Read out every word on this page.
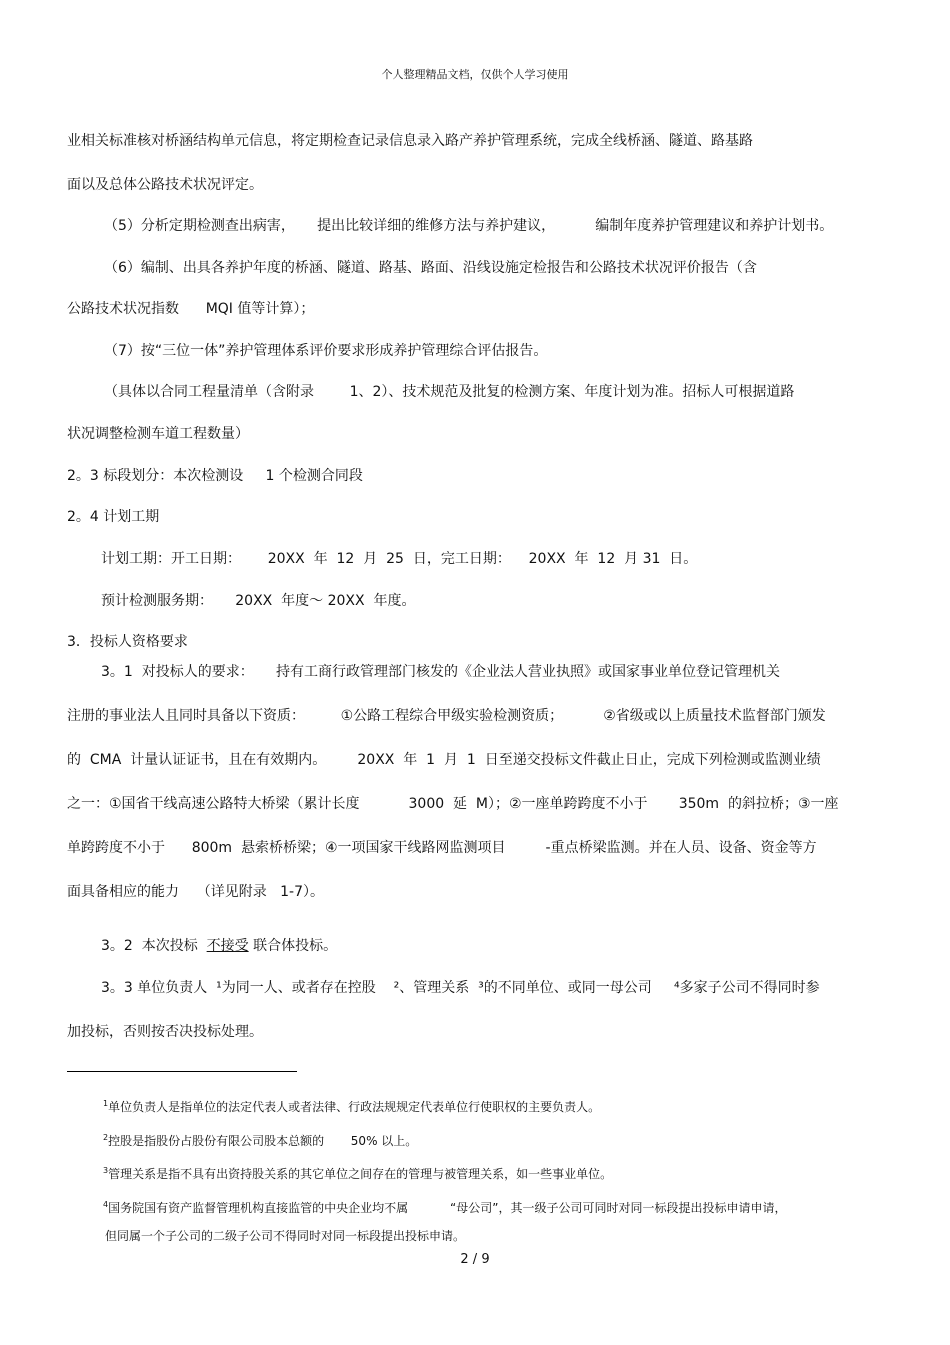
个人整理精品文档，仅供个人学习使用

业相关标准核对桥涵结构单元信息，将定期检查记录信息录入路产养护管理系统，完成全线桥涵、隧道、路基路

面以及总体公路技术状况评定。

（5）分析定期检测查出病害，     提出比较详细的维修方法与养护建议，         编制年度养护管理建议和养护计划书。

（6）编制、出具各养护年度的桥涵、隧道、路基、路面、沿线设施定检报告和公路技术状况评价报告（含

公路技术状况指数      MQI 值等计算）；

（7）按“三位一体”养护管理体系评价要求形成养护管理综合评估报告。

（具体以合同工程量清单（含附录        1、2）、技术规范及批复的检测方案、年度计划为准。招标人可根据道路

状况调整检测车道工程数量）

2。3 标段划分：本次检测设     1 个检测合同段

2。4 计划工期

计划工期：开工日期：      20XX  年  12  月  25  日，完工日期：    20XX  年  12  月 31  日。

预计检测服务期：     20XX  年度～ 20XX  年度。

3．投标人资格要求

3。1  对投标人的要求：     持有工商行政管理部门核发的《企业法人营业执照》或国家事业单位登记管理机关

注册的事业法人且同时具备以下资质：        ①公路工程综合甲级实验检测资质；         ②省级或以上质量技术监督部门颁发

的  CMA  计量认证证书，且在有效期内。       20XX  年  1  月  1  日至递交投标文件截止日止，完成下列检测或监测业绩

之一：①国省干线高速公路特大桥梁（累计长度           3000  延  M）；②一座单跨跨度不小于       350m  的斜拉桥；③一座

单跨跨度不小于      800m  悬索桥桥梁；④一项国家干线路网监测项目         -重点桥梁监测。并在人员、设备、资金等方

面具备相应的能力    （详见附录   1-7）。

3。2  本次投标  不接受 联合体投标。

3。3 单位负责人  ¹为同一人、或者存在控股    ²、管理关系  ³的不同单位、或同一母公司     ⁴多家子公司不得同时参

加投标，否则按否决投标处理。

$^1$单位负责人是指单位的法定代表人或者法律、行政法规规定代表单位行使职权的主要负责人。

$^2$控股是指股份占股份有限公司股本总额的       50% 以上。

$^3$管理关系是指不具有出资持股关系的其它单位之间存在的管理与被管理关系，如一些事业单位。

$^4$国务院国有资产监督管理机构直接监管的中央企业均不属           “母公司”，其一级子公司可同时对同一标段提出投标申请申请，

但同属一个子公司的二级子公司不得同时对同一标段提出投标申请。

2 / 9
